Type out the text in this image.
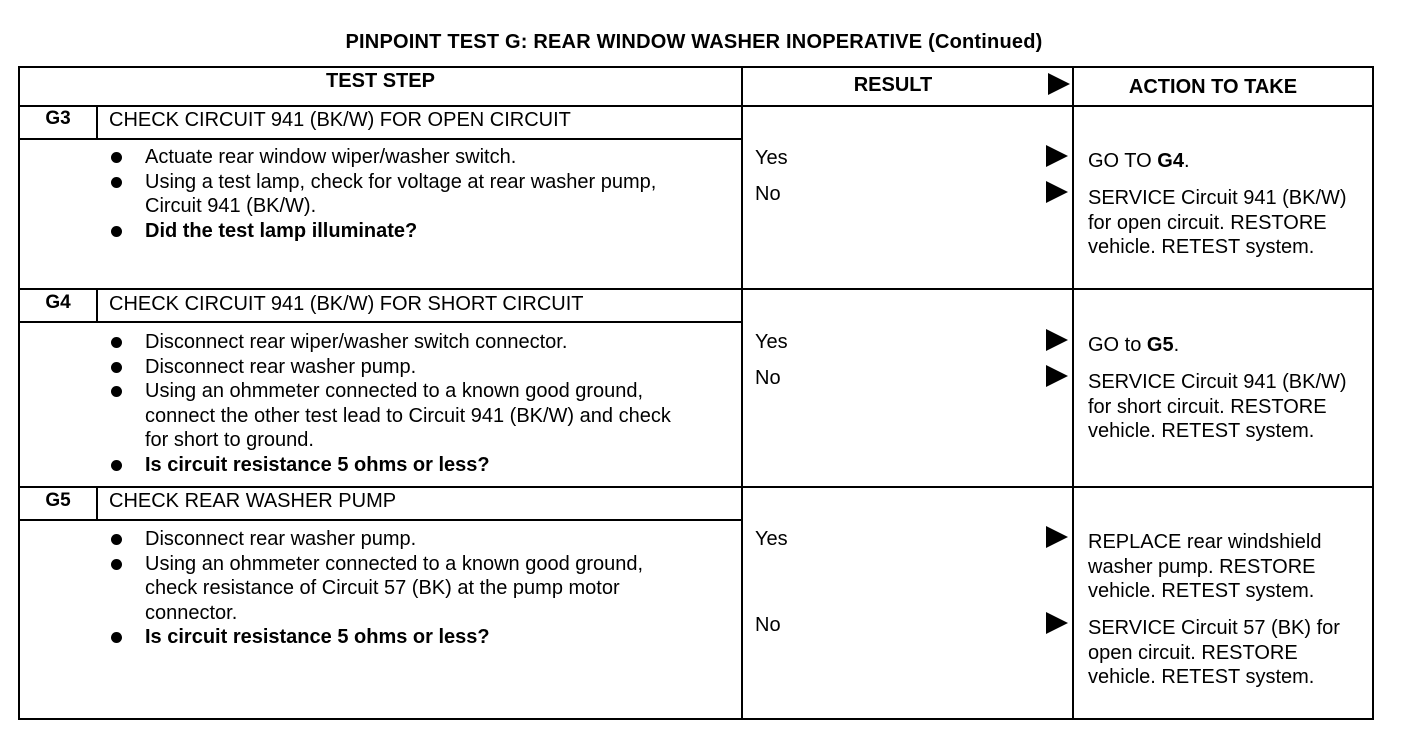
PINPOINT TEST G: REAR WINDOW WASHER INOPERATIVE (Continued)
TEST STEP	RESULT	ACTION TO TAKE
G3	CHECK CIRCUIT 941 (BK/W) FOR OPEN CIRCUIT
Actuate rear window wiper/washer switch.
Using a test lamp, check for voltage at rear washer pump, Circuit 941 (BK/W).
Did the test lamp illuminate?
Yes	GO TO G4.
No	SERVICE Circuit 941 (BK/W) for open circuit. RESTORE vehicle. RETEST system.
G4	CHECK CIRCUIT 941 (BK/W) FOR SHORT CIRCUIT
Disconnect rear wiper/washer switch connector.
Disconnect rear washer pump.
Using an ohmmeter connected to a known good ground, connect the other test lead to Circuit 941 (BK/W) and check for short to ground.
Is circuit resistance 5 ohms or less?
Yes	GO to G5.
No	SERVICE Circuit 941 (BK/W) for short circuit. RESTORE vehicle. RETEST system.
G5	CHECK REAR WASHER PUMP
Disconnect rear washer pump.
Using an ohmmeter connected to a known good ground, check resistance of Circuit 57 (BK) at the pump motor connector.
Is circuit resistance 5 ohms or less?
Yes	REPLACE rear windshield washer pump. RESTORE vehicle. RETEST system.
No	SERVICE Circuit 57 (BK) for open circuit. RESTORE vehicle. RETEST system.
